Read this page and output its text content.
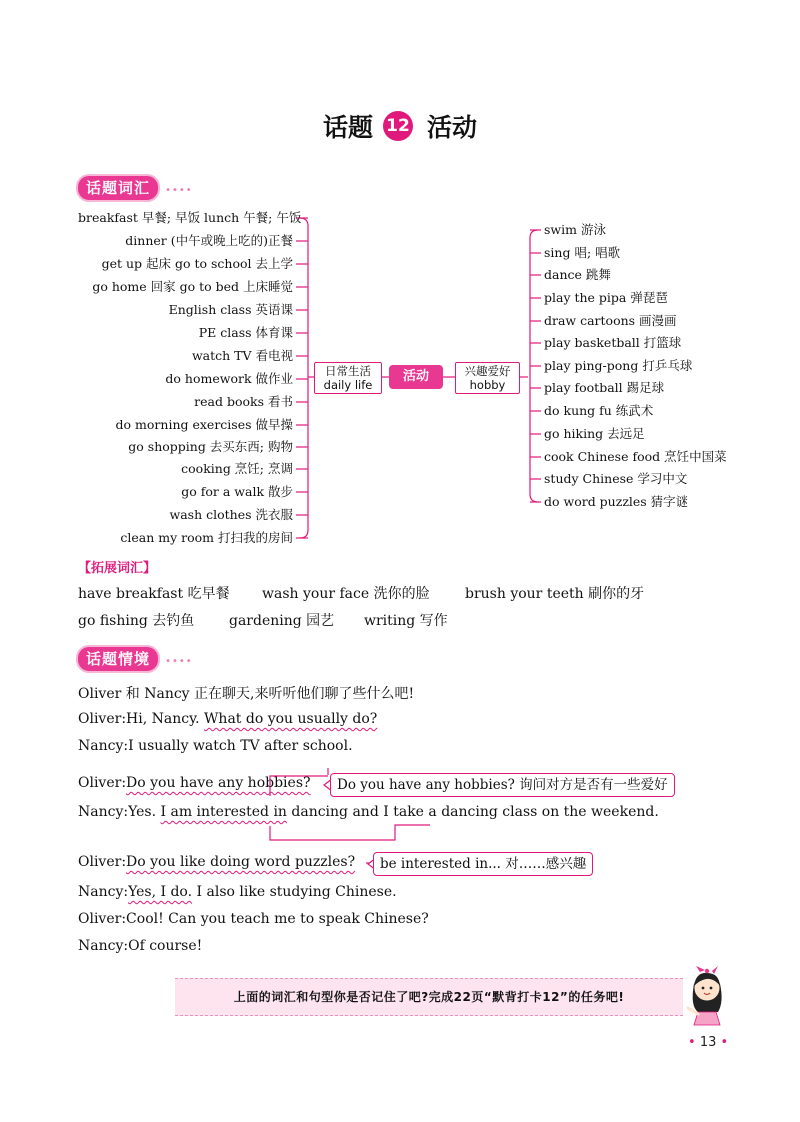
话题 12 活动
话题词汇 ••••
breakfast 早餐; 早饭 lunch 午餐; 午饭
dinner (中午或晚上吃的)正餐
get up 起床 go to school 去上学
go home 回家 go to bed 上床睡觉
English class 英语课
PE class 体育课
watch TV 看电视
do homework 做作业
read books 看书
do morning exercises 做早操
go shopping 去买东西; 购物
cooking 烹饪; 烹调
go for a walk 散步
wash clothes 洗衣服
clean my room 打扫我的房间
日常生活
daily life
活动	兴趣爱好
hobby
swim 游泳
sing 唱; 唱歌
dance 跳舞
play the pipa 弹琵琶
draw cartoons 画漫画
play basketball 打篮球
play ping-pong 打乒乓球
play football 踢足球
do kung fu 练武术
go hiking 去远足
cook Chinese food 烹饪中国菜
study Chinese 学习中文
do word puzzles 猜字谜
【拓展词汇】
have breakfast 吃早餐 wash your face 洗你的脸	brush your teeth 刷你的牙
go fishing 去钓鱼 gardening 园艺 writing 写作
话题情境 ••••
Oliver 和 Nancy 正在聊天,来听听他们聊了些什么吧!
Oliver:Hi, Nancy. What do you usually do?
Nancy:I usually watch TV after school.
Oliver:Do you have any hobbies?	Do you have any hobbies? 询问对方是否有一些爱好
Nancy:Yes. I am interested in dancing and I take a dancing class on the weekend.
Oliver:Do you like doing word puzzles?	be interested in... 对……感兴趣
Nancy:Yes, I do. I also like studying Chinese.
Oliver:Cool! Can you teach me to speak Chinese?
Nancy:Of course!
上面的词汇和句型你是否记住了吧?完成22页“默背打卡12”的任务吧!
• 13 •
